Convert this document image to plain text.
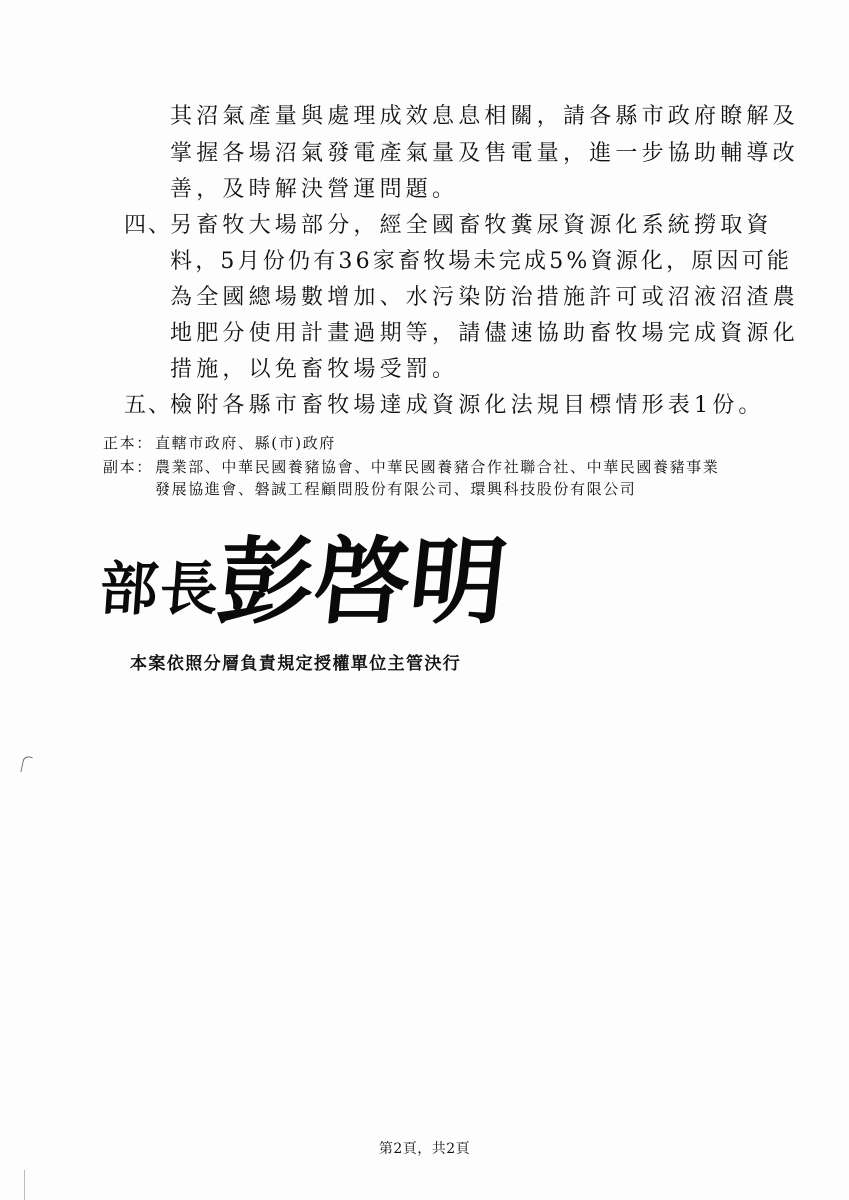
其沼氣產量與處理成效息息相關，請各縣市政府瞭解及
掌握各場沼氣發電產氣量及售電量，進一步協助輔導改
善，及時解決營運問題。
四、
另畜牧大場部分，經全國畜牧糞尿資源化系統撈取資
料，5月份仍有36家畜牧場未完成5%資源化，原因可能
為全國總場數增加、水污染防治措施許可或沼液沼渣農
地肥分使用計畫過期等，請儘速協助畜牧場完成資源化
措施，以免畜牧場受罰。
五、
檢附各縣市畜牧場達成資源化法規目標情形表1份。
正本： 直轄市政府、縣(市)政府
副本： 農業部、中華民國養豬協會、中華民國養豬合作社聯合社、中華民國養豬事業
發展協進會、磐誠工程顧問股份有限公司、環興科技股份有限公司
部長
彭啓明
本案依照分層負責規定授權單位主管決行
第2頁，共2頁
